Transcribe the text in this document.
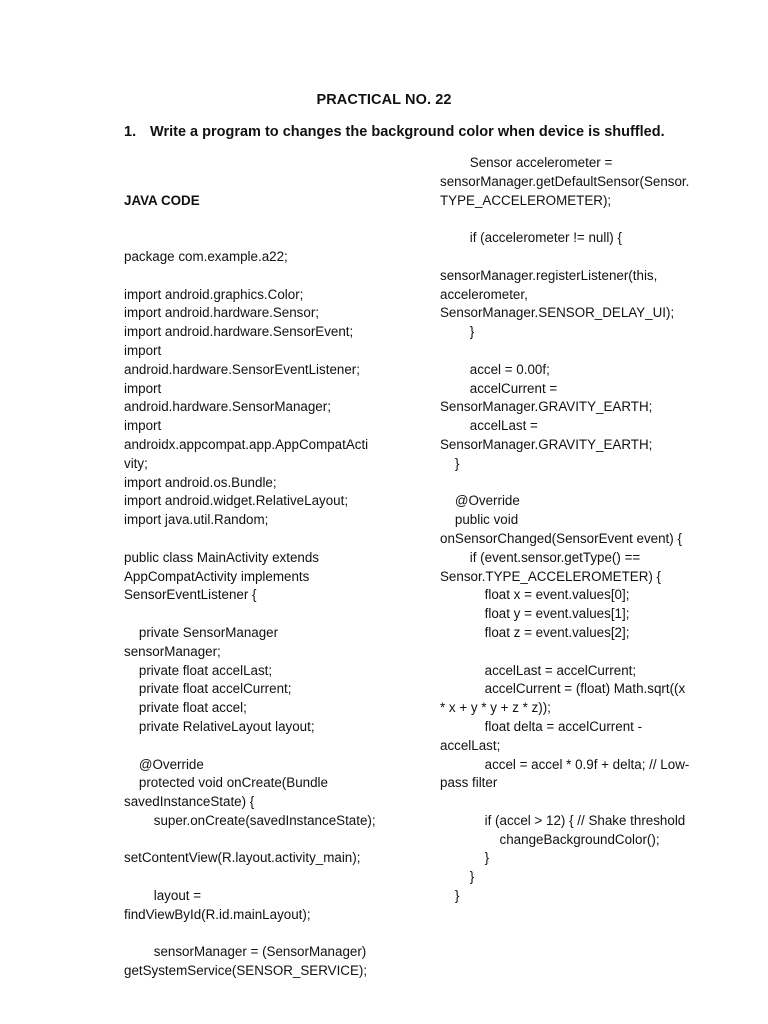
PRACTICAL NO. 22
1. Write a program to changes the background color when device is shuffled.

JAVA CODE

package com.example.a22;
import android.graphics.Color;
import android.hardware.Sensor;
import android.hardware.SensorEvent;
import
android.hardware.SensorEventListener;
import
android.hardware.SensorManager;
import
androidx.appcompat.app.AppCompatActi
vity;
import android.os.Bundle;
import android.widget.RelativeLayout;
import java.util.Random;
public class MainActivity extends
AppCompatActivity implements
SensorEventListener {
private SensorManager
sensorManager;
private float accelLast;
private float accelCurrent;
private float accel;
private RelativeLayout layout;
@Override
protected void onCreate(Bundle
savedInstanceState) {
super.onCreate(savedInstanceState);
setContentView(R.layout.activity_main);
layout =
findViewById(R.id.mainLayout);
sensorManager = (SensorManager)
getSystemService(SENSOR_SERVICE);
Sensor accelerometer =
sensorManager.getDefaultSensor(Sensor.
TYPE_ACCELEROMETER);
if (accelerometer != null) {
sensorManager.registerListener(this,
accelerometer,
SensorManager.SENSOR_DELAY_UI);
}
accel = 0.00f;
accelCurrent =
SensorManager.GRAVITY_EARTH;
accelLast =
SensorManager.GRAVITY_EARTH;
}
@Override
public void
onSensorChanged(SensorEvent event) {
if (event.sensor.getType() ==
Sensor.TYPE_ACCELEROMETER) {
float x = event.values[0];
float y = event.values[1];
float z = event.values[2];
accelLast = accelCurrent;
accelCurrent = (float) Math.sqrt((x
* x + y * y + z * z));
float delta = accelCurrent -
accelLast;
accel = accel * 0.9f + delta; // Low-
pass filter
if (accel > 12) { // Shake threshold
changeBackgroundColor();
}
}
}
